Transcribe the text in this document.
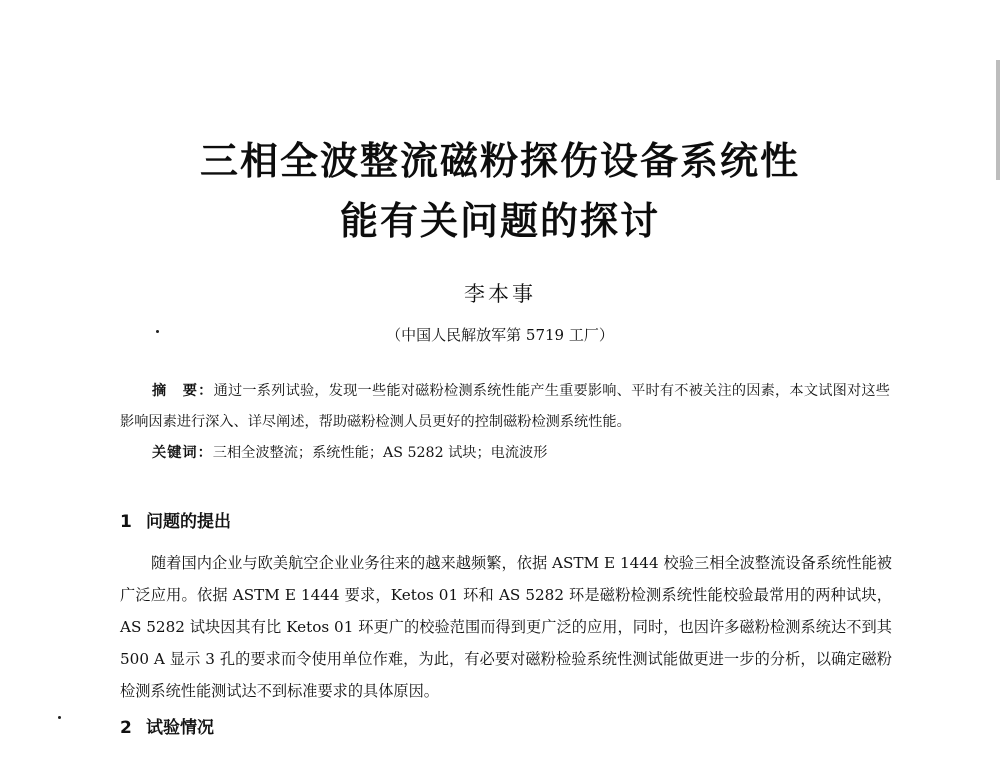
三相全波整流磁粉探伤设备系统性
能有关问题的探讨
李本事
（中国人民解放军第 5719 工厂）
摘　要：通过一系列试验，发现一些能对磁粉检测系统性能产生重要影响、平时有不被关注的因素，本文试图对这些影响因素进行深入、详尽阐述，帮助磁粉检测人员更好的控制磁粉检测系统性能。
关键词：三相全波整流；系统性能；AS 5282 试块；电流波形
1 问题的提出
随着国内企业与欧美航空企业业务往来的越来越频繁，依据 ASTM E 1444 校验三相全波整流设备系统性能被广泛应用。依据 ASTM E 1444 要求，Ketos 01 环和 AS 5282 环是磁粉检测系统性能校验最常用的两种试块，AS 5282 试块因其有比 Ketos 01 环更广的校验范围而得到更广泛的应用，同时，也因许多磁粉检测系统达不到其 500 A 显示 3 孔的要求而令使用单位作难，为此，有必要对磁粉检验系统性测试能做更进一步的分析，以确定磁粉检测系统性能测试达不到标准要求的具体原因。
2 试验情况
